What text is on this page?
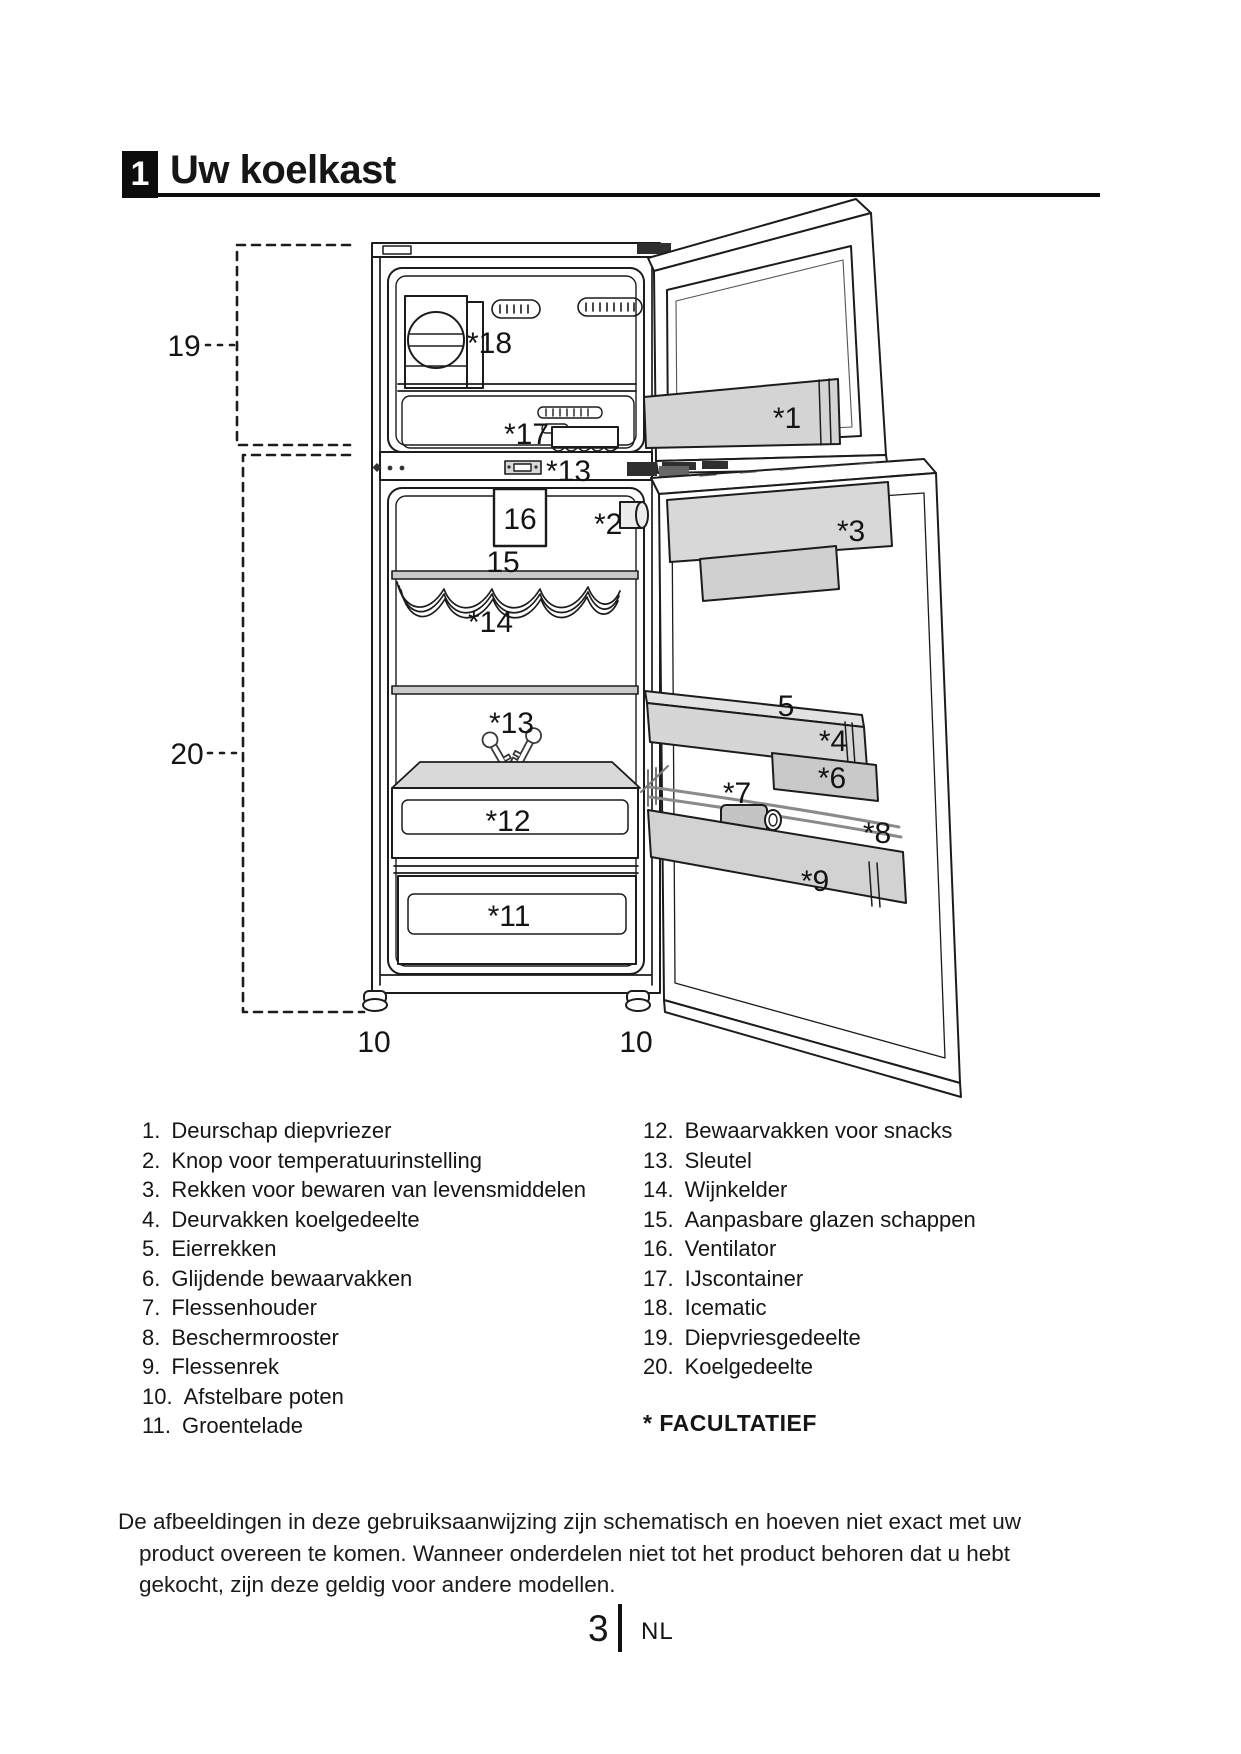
1 Uw koelkast
19
20
*18
*17
*13
16 *2
15
*14
*13
*12
*11
10	10
*1
*3
5
*4
*6
*7
*8
*9
1. Deurschap diepvriezer
2. Knop voor temperatuurinstelling
3. Rekken voor bewaren van levensmiddelen
4. Deurvakken koelgedeelte
5. Eierrekken
6. Glijdende bewaarvakken
7. Flessenhouder
8. Beschermrooster
9. Flessenrek
10. Afstelbare poten
11. Groentelade
12. Bewaarvakken voor snacks
13. Sleutel
14. Wijnkelder
15. Aanpasbare glazen schappen
16. Ventilator
17. IJscontainer
18. Icematic
19. Diepvriesgedeelte
20. Koelgedeelte
* FACULTATIEF
De afbeeldingen in deze gebruiksaanwijzing zijn schematisch en hoeven niet exact met uw
product overeen te komen. Wanneer onderdelen niet tot het product behoren dat u hebt
gekocht, zijn deze geldig voor andere modellen.
3 NL
